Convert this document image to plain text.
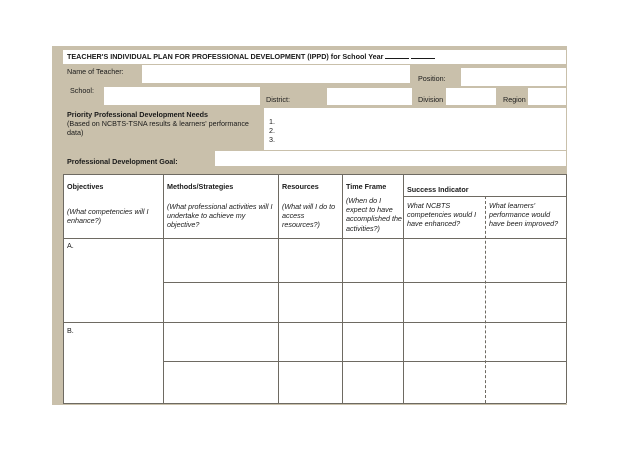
TEACHER'S INDIVIDUAL PLAN FOR PROFESSIONAL DEVELOPMENT (IPPD) for School Year
Name of Teacher:
Position:
School:
District:	Division	Region
Priority Professional Development Needs
(Based on NCBTS-TSNA results & learners' performance data)
1.
2.
3.
Professional Development Goal:
Objectives
(What competencies will I enhance?)
Methods/Strategies
(What professional activities will I undertake to achieve my objective?
Resources
(What will I do to access resources?)
Time Frame
(When do I expect to have accomplished the activities?)
Success Indicator
What NCBTS competencies would I have enhanced?
What learners' performance would have been improved?
A.
B.
